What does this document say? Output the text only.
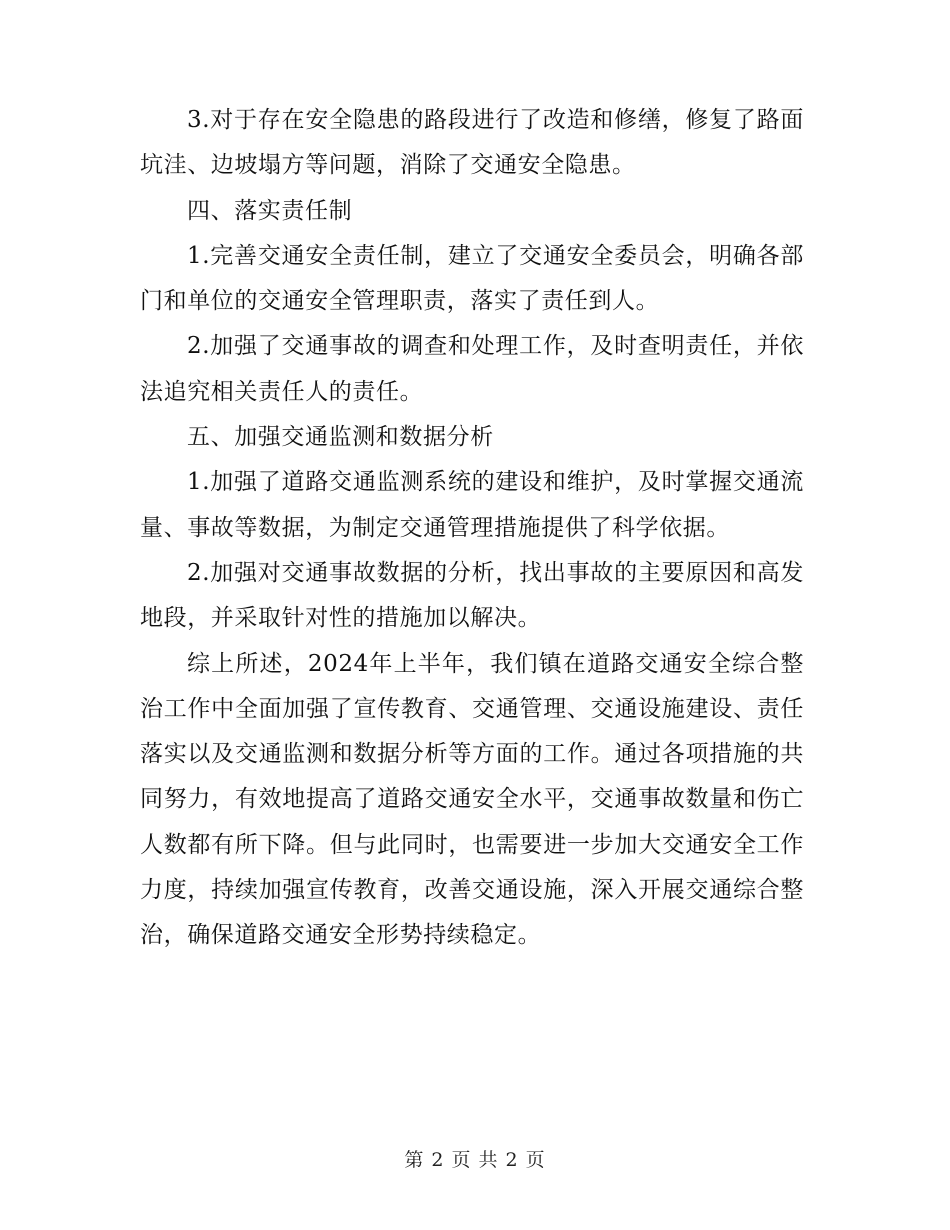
3.对于存在安全隐患的路段进行了改造和修缮，修复了路面坑洼、边坡塌方等问题，消除了交通安全隐患。

四、落实责任制

1.完善交通安全责任制，建立了交通安全委员会，明确各部门和单位的交通安全管理职责，落实了责任到人。

2.加强了交通事故的调查和处理工作，及时查明责任，并依法追究相关责任人的责任。

五、加强交通监测和数据分析

1.加强了道路交通监测系统的建设和维护，及时掌握交通流量、事故等数据，为制定交通管理措施提供了科学依据。

2.加强对交通事故数据的分析，找出事故的主要原因和高发地段，并采取针对性的措施加以解决。

综上所述，2024年上半年，我们镇在道路交通安全综合整治工作中全面加强了宣传教育、交通管理、交通设施建设、责任落实以及交通监测和数据分析等方面的工作。通过各项措施的共同努力，有效地提高了道路交通安全水平，交通事故数量和伤亡人数都有所下降。但与此同时，也需要进一步加大交通安全工作力度，持续加强宣传教育，改善交通设施，深入开展交通综合整治，确保道路交通安全形势持续稳定。

第 2 页 共 2 页
